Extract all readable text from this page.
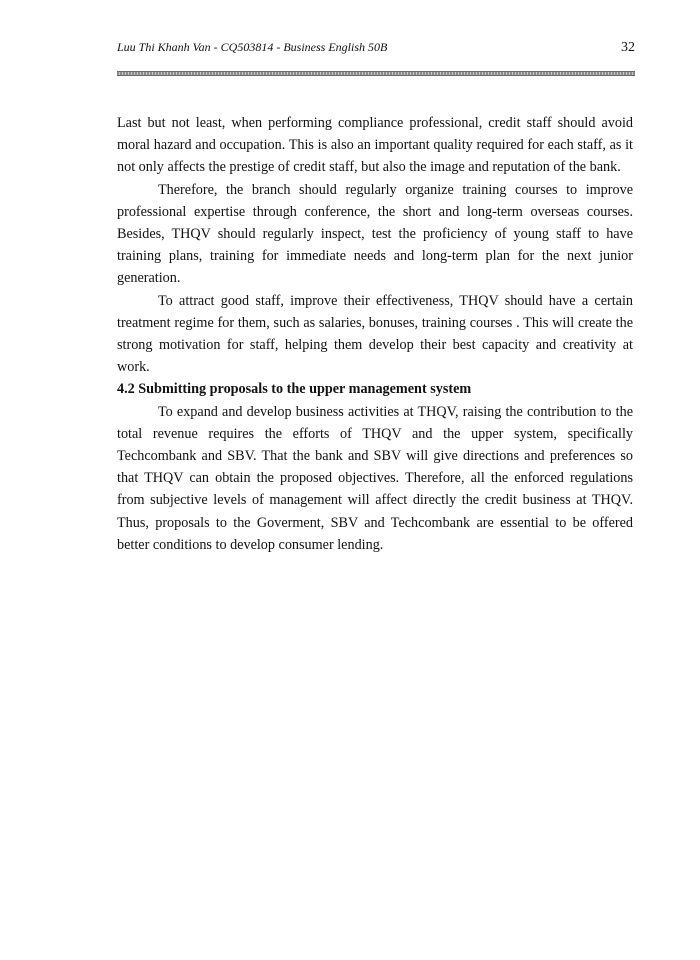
Luu Thi Khanh Van - CQ503814 - Business English 50B	32

Last but not least, when performing compliance professional, credit staff should avoid moral hazard and occupation. This is also an important quality required for each staff, as it not only affects the prestige of credit staff, but also the image and reputation of the bank.

Therefore, the branch should regularly organize training courses to improve professional expertise through conference, the short and long-term overseas courses. Besides, THQV should regularly inspect, test the proficiency of young staff to have training plans, training for immediate needs and long-term plan for the next junior generation.

To attract good staff, improve their effectiveness, THQV should have a certain treatment regime for them, such as salaries, bonuses, training courses . This will create the strong motivation for staff, helping them develop their best capacity and creativity at work.

4.2 Submitting proposals to the upper management system

To expand and develop business activities at THQV, raising the contribution to the total revenue requires the efforts of THQV and the upper system, specifically Techcombank and SBV. That the bank and SBV will give directions and preferences so that THQV can obtain the proposed objectives. Therefore, all the enforced regulations from subjective levels of management will affect directly the credit business at THQV. Thus, proposals to the Goverment, SBV and Techcombank are essential to be offered better conditions to develop consumer lending.
